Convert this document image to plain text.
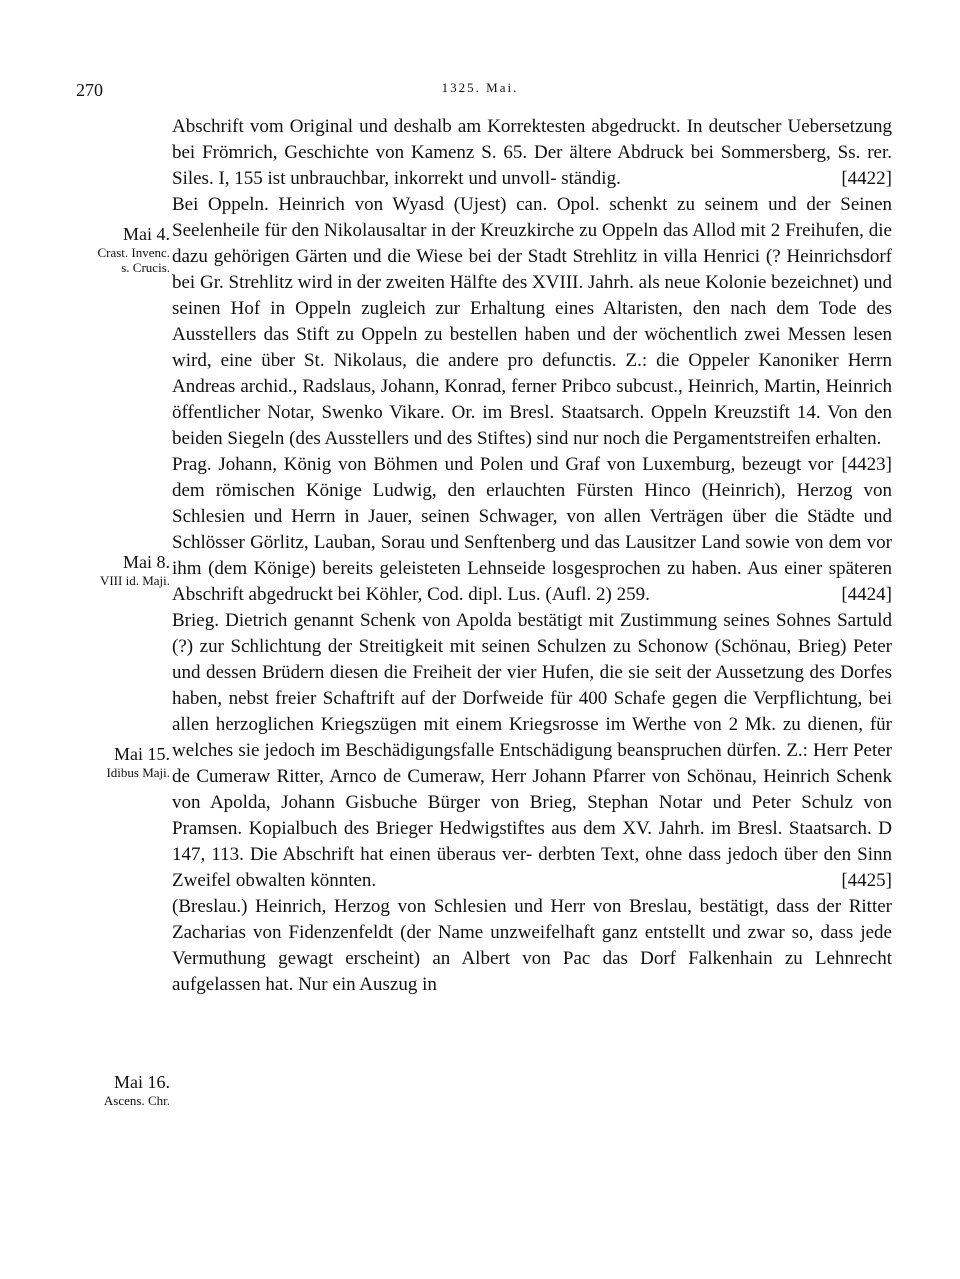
270	1325. Mai.
Mai 4.
Crast. Invenc.
s. Crucis.
Mai 8.
VIII id. Maji.
Mai 15.
Idibus Maji.
Mai 16.
Ascens. Chr.
Abschrift vom Original und deshalb am Korrektesten abgedruckt. In deutscher Uebersetzung bei Frömrich, Geschichte von Kamenz S. 65. Der ältere Abdruck bei Sommersberg, Ss. rer. Siles. I, 155 ist unbrauchbar, inkorrekt und unvoll- ständig.	[4422]
Bei Oppeln. Heinrich von Wyasd (Ujest) can. Opol. schenkt zu seinem und der Seinen Seelenheile für den Nikolausaltar in der Kreuzkirche zu Oppeln das Allod mit 2 Freihufen, die dazu gehörigen Gärten und die Wiese bei der Stadt Strehlitz in villa Henrici (? Heinrichsdorf bei Gr. Strehlitz wird in der zweiten Hälfte des XVIII. Jahrh. als neue Kolonie bezeichnet) und seinen Hof in Oppeln zugleich zur Erhaltung eines Altaristen, den nach dem Tode des Ausstellers das Stift zu Oppeln zu bestellen haben und der wöchentlich zwei Messen lesen wird, eine über St. Nikolaus, die andere pro defunctis. Z.: die Oppeler Kanoniker Herrn Andreas archid., Radslaus, Johann, Konrad, ferner Pribco subcust., Heinrich, Martin, Heinrich öffentlicher Notar, Swenko Vikare. Or. im Bresl. Staatsarch. Oppeln Kreuzstift 14. Von den beiden Siegeln (des Ausstellers und des Stiftes) sind nur noch die Pergamentstreifen erhalten.
[4423]
Prag. Johann, König von Böhmen und Polen und Graf von Luxemburg, bezeugt vor dem römischen Könige Ludwig, den erlauchten Fürsten Hinco (Heinrich), Herzog von Schlesien und Herrn in Jauer, seinen Schwager, von allen Verträgen über die Städte und Schlösser Görlitz, Lauban, Sorau und Senftenberg und das Lausitzer Land sowie von dem vor ihm (dem Könige) bereits geleisteten Lehnseide losgesprochen zu haben. Aus einer späteren Abschrift abgedruckt bei Köhler, Cod. dipl. Lus. (Aufl. 2) 259.	[4424]
Brieg. Dietrich genannt Schenk von Apolda bestätigt mit Zustimmung seines Sohnes Sartuld (?) zur Schlichtung der Streitigkeit mit seinen Schulzen zu Schonow (Schönau, Brieg) Peter und dessen Brüdern diesen die Freiheit der vier Hufen, die sie seit der Aussetzung des Dorfes haben, nebst freier Schaftrift auf der Dorfweide für 400 Schafe gegen die Verpflichtung, bei allen herzoglichen Kriegszügen mit einem Kriegsrosse im Werthe von 2 Mk. zu dienen, für welches sie jedoch im Beschädigungsfalle Entschädigung beanspruchen dürfen. Z.: Herr Peter de Cumeraw Ritter, Arnco de Cumeraw, Herr Johann Pfarrer von Schönau, Heinrich Schenk von Apolda, Johann Gisbuche Bürger von Brieg, Stephan Notar und Peter Schulz von Pramsen. Kopialbuch des Brieger Hedwigstiftes aus dem XV. Jahrh. im Bresl. Staatsarch. D 147, 113. Die Abschrift hat einen überaus ver- derbten Text, ohne dass jedoch über den Sinn Zweifel obwalten könnten.	[4425]
(Breslau.) Heinrich, Herzog von Schlesien und Herr von Breslau, bestätigt, dass der Ritter Zacharias von Fidenzenfeldt (der Name unzweifelhaft ganz entstellt und zwar so, dass jede Vermuthung gewagt erscheint) an Albert von Pac das Dorf Falkenhain zu Lehnrecht aufgelassen hat. Nur ein Auszug in
